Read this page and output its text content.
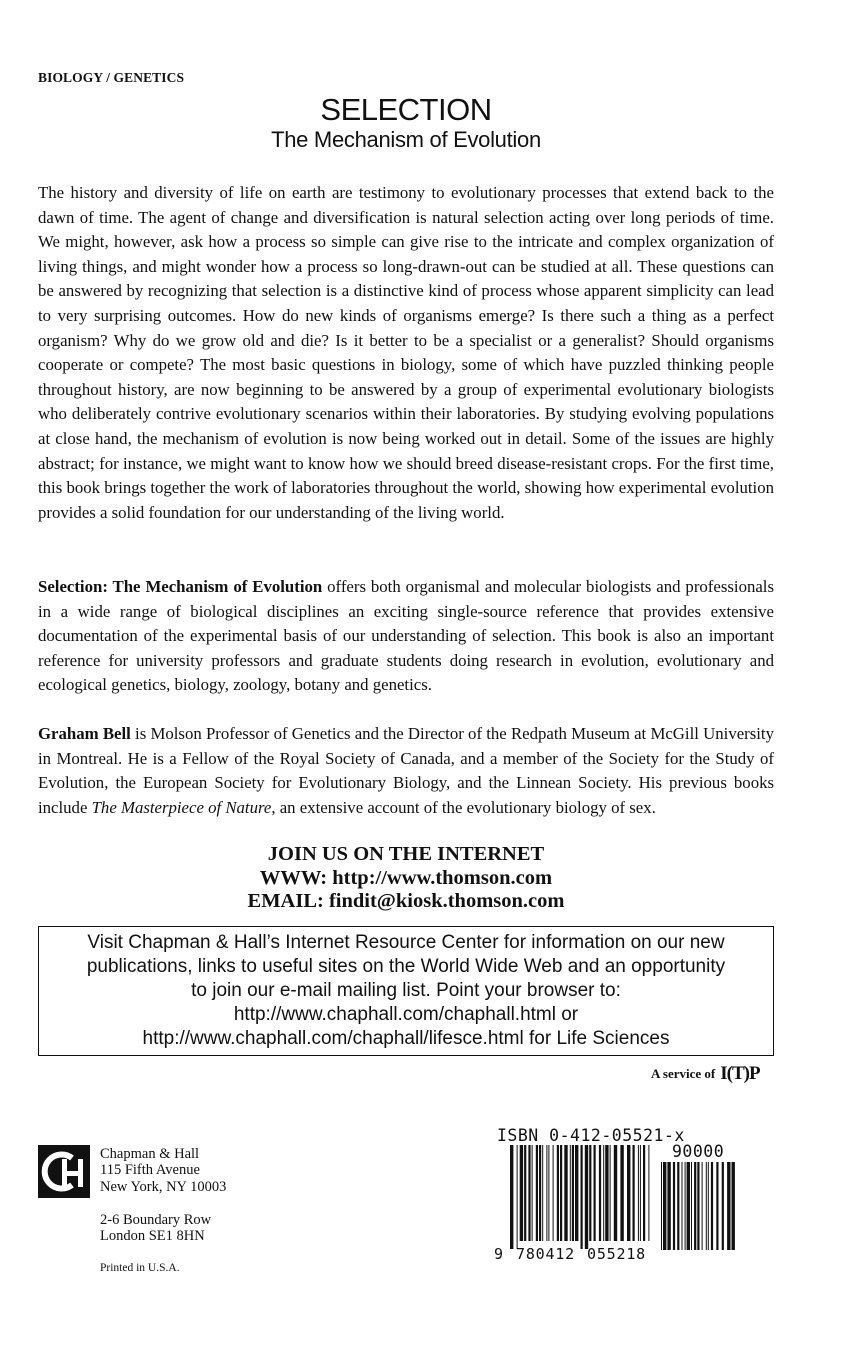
BIOLOGY / GENETICS
SELECTION
The Mechanism of Evolution

The history and diversity of life on earth are testimony to evolutionary processes that extend back to the dawn of time. The agent of change and diversification is natural selection acting over long periods of time. We might, however, ask how a process so simple can give rise to the intricate and complex organization of living things, and might wonder how a process so long-drawn-out can be studied at all. These questions can be answered by recognizing that selection is a distinctive kind of process whose apparent simplicity can lead to very surprising outcomes. How do new kinds of organisms emerge? Is there such a thing as a perfect organism? Why do we grow old and die? Is it better to be a specialist or a generalist? Should organisms cooperate or compete? The most basic questions in biology, some of which have puzzled thinking people throughout history, are now beginning to be answered by a group of experimental evolutionary biologists who deliberately contrive evolutionary scenarios within their laboratories. By studying evolving populations at close hand, the mechanism of evolution is now being worked out in detail. Some of the issues are highly abstract; for instance, we might want to know how we should breed disease-resistant crops. For the first time, this book brings together the work of laboratories throughout the world, showing how experimental evolution provides a solid foundation for our understanding of the living world.

Selection: The Mechanism of Evolution offers both organismal and molecular biologists and professionals in a wide range of biological disciplines an exciting single-source reference that provides extensive documentation of the experimental basis of our understanding of selection. This book is also an important reference for university professors and graduate students doing research in evolution, evolutionary and ecological genetics, biology, zoology, botany and genetics.

Graham Bell is Molson Professor of Genetics and the Director of the Redpath Museum at McGill University in Montreal. He is a Fellow of the Royal Society of Canada, and a member of the Society for the Study of Evolution, the European Society for Evolutionary Biology, and the Linnean Society. His previous books include The Masterpiece of Nature, an extensive account of the evolutionary biology of sex.

JOIN US ON THE INTERNET
WWW: http://www.thomson.com
EMAIL: findit@kiosk.thomson.com
Visit Chapman & Hall’s Internet Resource Center for information on our new
publications, links to useful sites on the World Wide Web and an opportunity
to join our e-mail mailing list. Point your browser to:
http://www.chaphall.com/chaphall.html or
http://www.chaphall.com/chaphall/lifesce.html for Life Sciences
A service of I(T)P
Chapman & Hall
115 Fifth Avenue
New York, NY 10003
2-6 Boundary Row
London SE1 8HN
Printed in U.S.A.
ISBN 0-412-05521-x
90000
9 780412 055218
